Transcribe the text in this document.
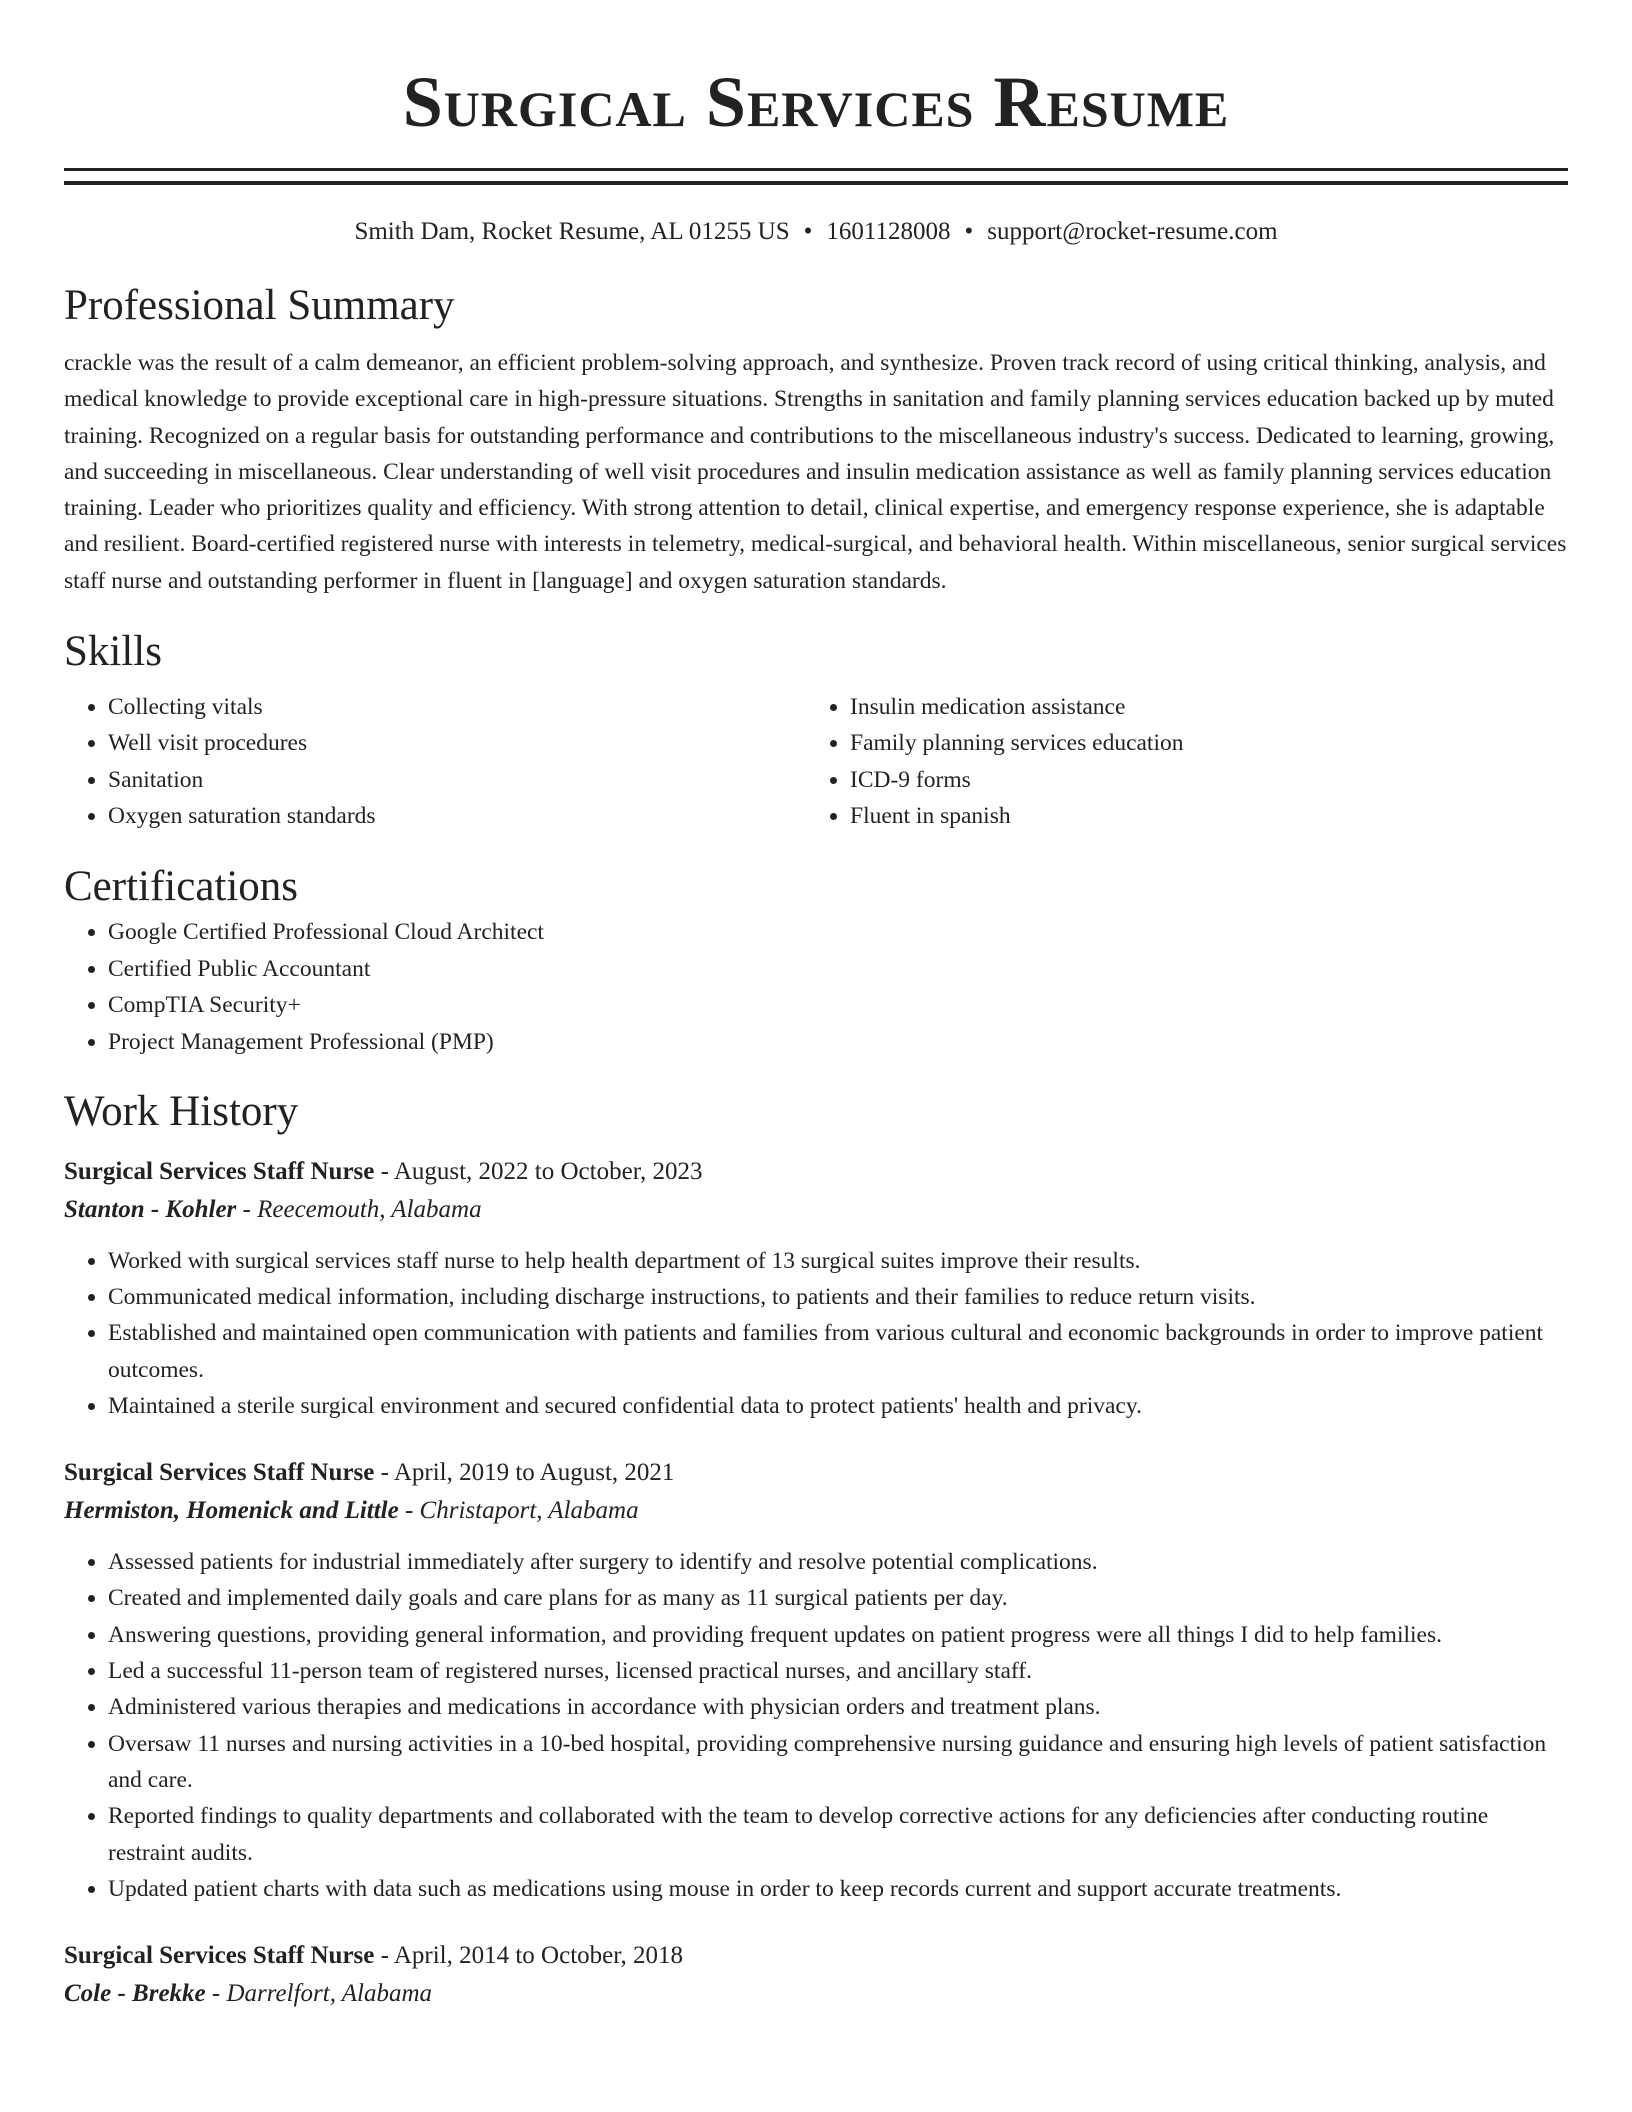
Surgical Services Resume
Smith Dam, Rocket Resume, AL 01255 US • 1601128008 • support@rocket-resume.com
Professional Summary

crackle was the result of a calm demeanor, an efficient problem-solving approach, and synthesize. Proven track record of using critical thinking, analysis, and medical knowledge to provide exceptional care in high-pressure situations. Strengths in sanitation and family planning services education backed up by muted training. Recognized on a regular basis for outstanding performance and contributions to the miscellaneous industry's success. Dedicated to learning, growing, and succeeding in miscellaneous. Clear understanding of well visit procedures and insulin medication assistance as well as family planning services education training. Leader who prioritizes quality and efficiency. With strong attention to detail, clinical expertise, and emergency response experience, she is adaptable and resilient. Board-certified registered nurse with interests in telemetry, medical-surgical, and behavioral health. Within miscellaneous, senior surgical services staff nurse and outstanding performer in fluent in [language] and oxygen saturation standards.

Skills
• Collecting vitals
• Well visit procedures
• Sanitation
• Oxygen saturation standards
• Insulin medication assistance
• Family planning services education
• ICD-9 forms
• Fluent in spanish
Certifications
• Google Certified Professional Cloud Architect
• Certified Public Accountant
• CompTIA Security+
• Project Management Professional (PMP)
Work History
Surgical Services Staff Nurse - August, 2022 to October, 2023
Stanton - Kohler - Reecemouth, Alabama
• Worked with surgical services staff nurse to help health department of 13 surgical suites improve their results.
• Communicated medical information, including discharge instructions, to patients and their families to reduce return visits.
• Established and maintained open communication with patients and families from various cultural and economic backgrounds in order to improve patient outcomes.
• Maintained a sterile surgical environment and secured confidential data to protect patients' health and privacy.
Surgical Services Staff Nurse - April, 2019 to August, 2021
Hermiston, Homenick and Little - Christaport, Alabama
• Assessed patients for industrial immediately after surgery to identify and resolve potential complications.
• Created and implemented daily goals and care plans for as many as 11 surgical patients per day.
• Answering questions, providing general information, and providing frequent updates on patient progress were all things I did to help families.
• Led a successful 11-person team of registered nurses, licensed practical nurses, and ancillary staff.
• Administered various therapies and medications in accordance with physician orders and treatment plans.
• Oversaw 11 nurses and nursing activities in a 10-bed hospital, providing comprehensive nursing guidance and ensuring high levels of patient satisfaction and care.
• Reported findings to quality departments and collaborated with the team to develop corrective actions for any deficiencies after conducting routine restraint audits.
• Updated patient charts with data such as medications using mouse in order to keep records current and support accurate treatments.
Surgical Services Staff Nurse - April, 2014 to October, 2018
Cole - Brekke - Darrelfort, Alabama
